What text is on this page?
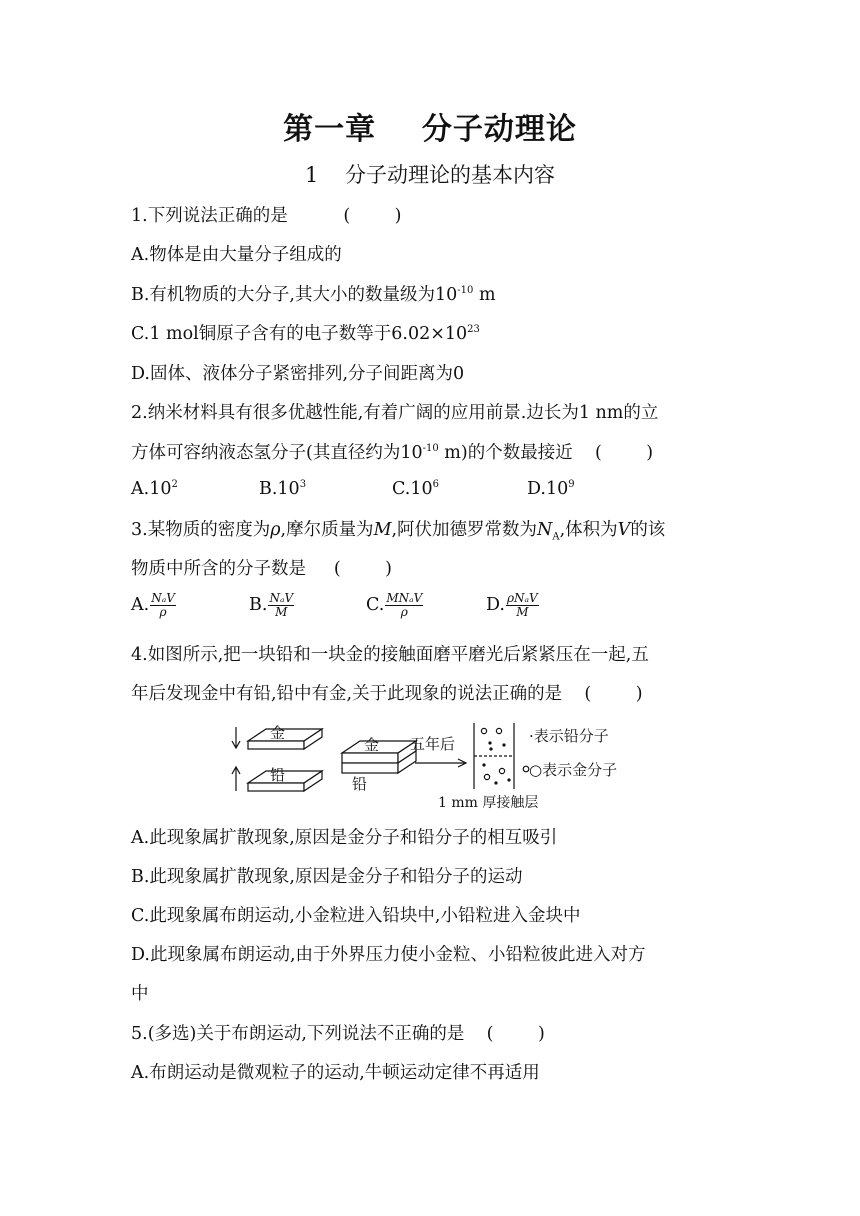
第一章    分子动理论
1    分子动理论的基本内容
1.下列说法正确的是          (        )
A.物体是由大量分子组成的
B.有机物质的大分子,其大小的数量级为$10^{-10}$ m
C.1 mol铜原子含有的电子数等于$6.02\times 10^{23}$
D.固体、液体分子紧密排列,分子间距离为0
2.纳米材料具有很多优越性能,有着广阔的应用前景.边长为1 nm的立
方体可容纳液态氢分子(其直径约为$10^{-10}$ m)的个数最接近    (        )
$A.10^2$	$B.10^3$	$C.10^6$	$D.10^9$
3.某物质的密度为ρ,摩尔质量为M,阿伏加德罗常数为$N_A$,体积为V的该
物质中所含的分子数是     (        )
A. $\frac{\text{NₐV}}{\rho}$	B. $\frac{\text{NₐV}}{M}$	C. $\frac{\text{MNₐV}}{\rho}$	D. $\frac{\text{ρNₐV}}{M}$
4.如图所示,把一块铅和一块金的接触面磨平磨光后紧紧压在一起,五
年后发现金中有铅,铅中有金,关于此现象的说法正确的是    (        )
金
铅
金
铅
五年后	·表示铅分子
○表示金分子
1 mm 厚接触层
A.此现象属扩散现象,原因是金分子和铅分子的相互吸引
B.此现象属扩散现象,原因是金分子和铅分子的运动
C.此现象属布朗运动,小金粒进入铅块中,小铅粒进入金块中
D.此现象属布朗运动,由于外界压力使小金粒、小铅粒彼此进入对方
中
5.(多选)关于布朗运动,下列说法不正确的是    (        )
A.布朗运动是微观粒子的运动,牛顿运动定律不再适用
